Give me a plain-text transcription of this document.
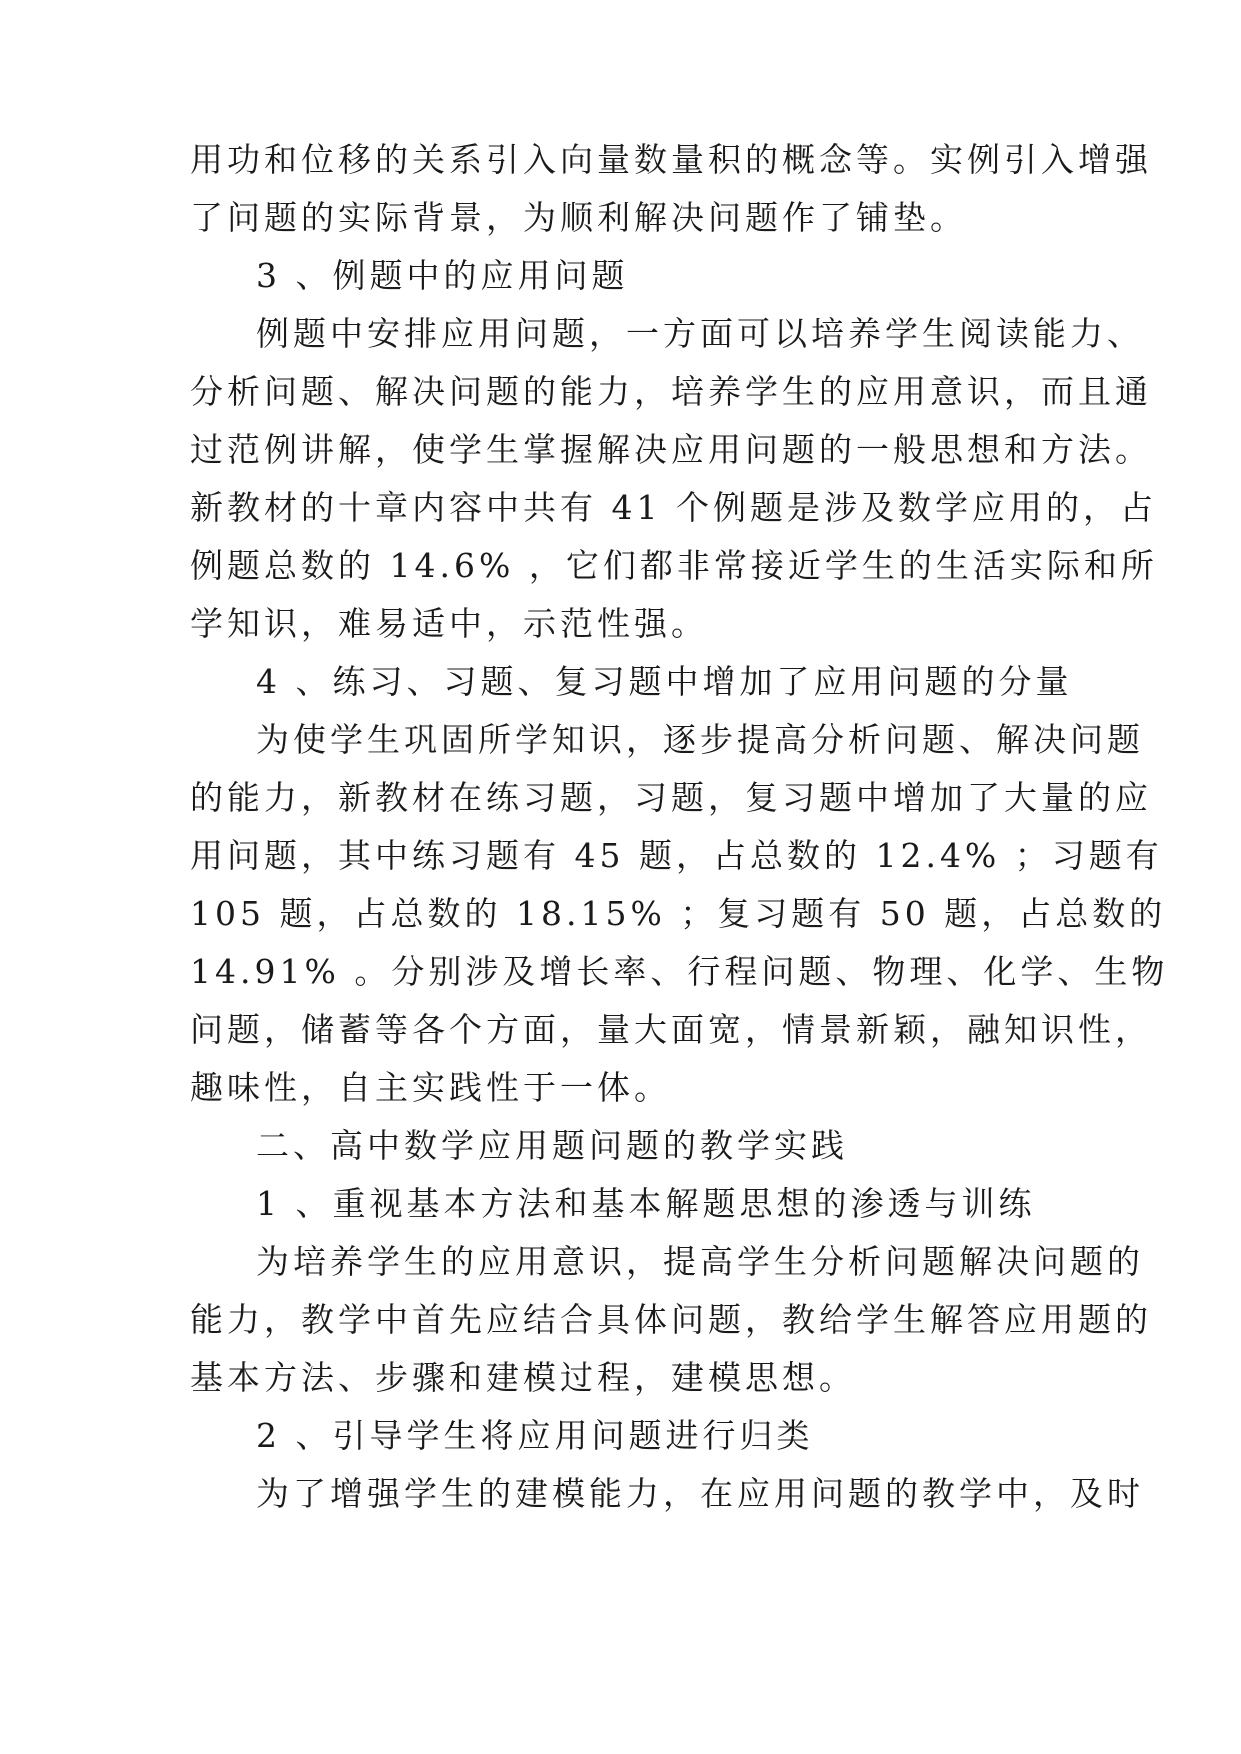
用功和位移的关系引入向量数量积的概念等。实例引入增强
了问题的实际背景，为顺利解决问题作了铺垫。
3 、例题中的应用问题
例题中安排应用问题，一方面可以培养学生阅读能力、
分析问题、解决问题的能力，培养学生的应用意识，而且通
过范例讲解，使学生掌握解决应用问题的一般思想和方法。
新教材的十章内容中共有 41 个例题是涉及数学应用的，占
例题总数的 14.6% ，它们都非常接近学生的生活实际和所
学知识，难易适中，示范性强。
4 、练习、习题、复习题中增加了应用问题的分量
为使学生巩固所学知识，逐步提高分析问题、解决问题
的能力，新教材在练习题，习题，复习题中增加了大量的应
用问题，其中练习题有 45 题，占总数的 12.4% ；习题有
105 题，占总数的 18.15% ；复习题有 50 题，占总数的
14.91% 。分别涉及增长率、行程问题、物理、化学、生物
问题，储蓄等各个方面，量大面宽，情景新颖，融知识性，
趣味性，自主实践性于一体。
二、高中数学应用题问题的教学实践
1 、重视基本方法和基本解题思想的渗透与训练
为培养学生的应用意识，提高学生分析问题解决问题的
能力，教学中首先应结合具体问题，教给学生解答应用题的
基本方法、步骤和建模过程，建模思想。
2 、引导学生将应用问题进行归类
为了增强学生的建模能力，在应用问题的教学中，及时
